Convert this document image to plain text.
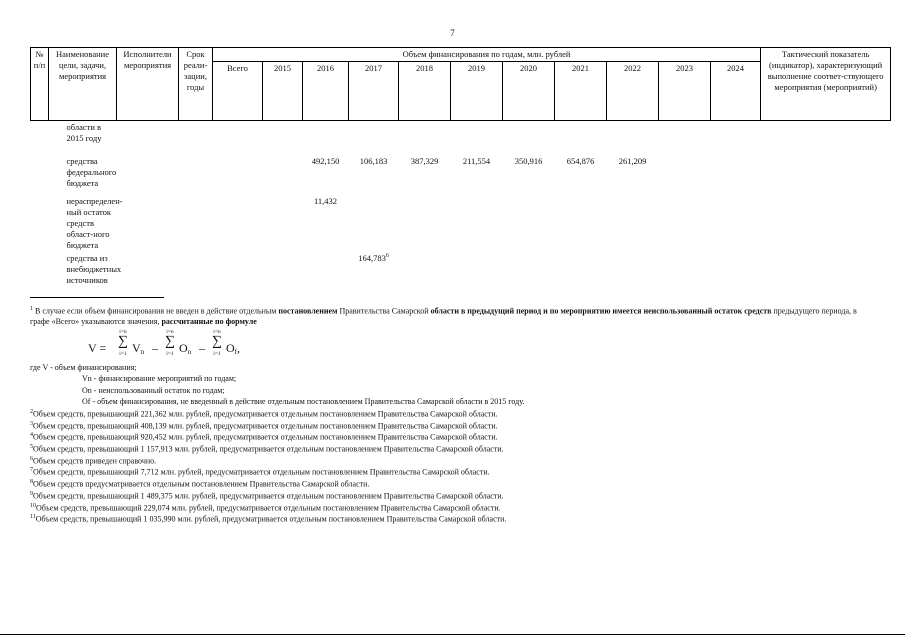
7
№ п/п	Наименование цели, задачи, мероприятия	Исполнители мероприятия	Срок реали-зации, годы	Объем финансирования по годам, млн. рублей											Тактический показатель (индикатор), характеризующий выполнение соответ-ствующего мероприятия (мероприятий)
				Всего	2015	2016	2017	2018	2019	2020	2021	2022	2023	2024	
	области в 2015 году														
	средства федерального бюджета					492,150	106,183	387,329	211,554	350,916	654,876	261,209			
	нераспределен-ный остаток средств област-ного бюджета					11,432									
	средства из внебюджетных источников						164,783$^6$								
$^1$ В случае если объем финансирования не введен в действие отдельным постановлением Правительства Самарской области в предыдущий период и по мероприятию имеется неиспользованный остаток средств предыдущего периода, в графе «Всего» указываются значения, рассчитанные по формуле
V =
i=n
∑
i=1 $V_n$ –
i=n
∑
i=1 $O_n$ –
i=n
∑
i=1 $O_f$,
где V - объем финансирования;
Vn - финансирование мероприятий по годам;
On - неиспользованный остаток по годам;
Of - объем финансирования, не введенный в действие отдельным постановлением Правительства Самарской области в 2015 году.
$^2$Объем средств, превышающий 221,362 млн. рублей, предусматривается отдельным постановлением Правительства Самарской области.
$^3$Объем средств, превышающий 408,139 млн. рублей, предусматривается отдельным постановлением Правительства Самарской области.
$^4$Объем средств, превышающий 920,452 млн. рублей, предусматривается отдельным постановлением Правительства Самарской области.
$^5$Объем средств, превышающий 1 157,913 млн. рублей, предусматривается отдельным постановлением Правительства Самарской области.
$^6$Объем средств приведен справочно.
$^7$Объем средств, превышающий 7,712 млн. рублей, предусматривается отдельным постановлением Правительства Самарской области.
$^8$Объем средств предусматривается отдельным постановлением Правительства Самарской области.
$^9$Объем средств, превышающий 1 489,375 млн. рублей, предусматривается отдельным постановлением Правительства Самарской области.
$^{10}$Объем средств, превышающий 229,074 млн. рублей, предусматривается отдельным постановлением Правительства Самарской области.
$^{11}$Объем средств, превышающий 1 035,990 млн. рублей, предусматривается отдельным постановлением Правительства Самарской области.
